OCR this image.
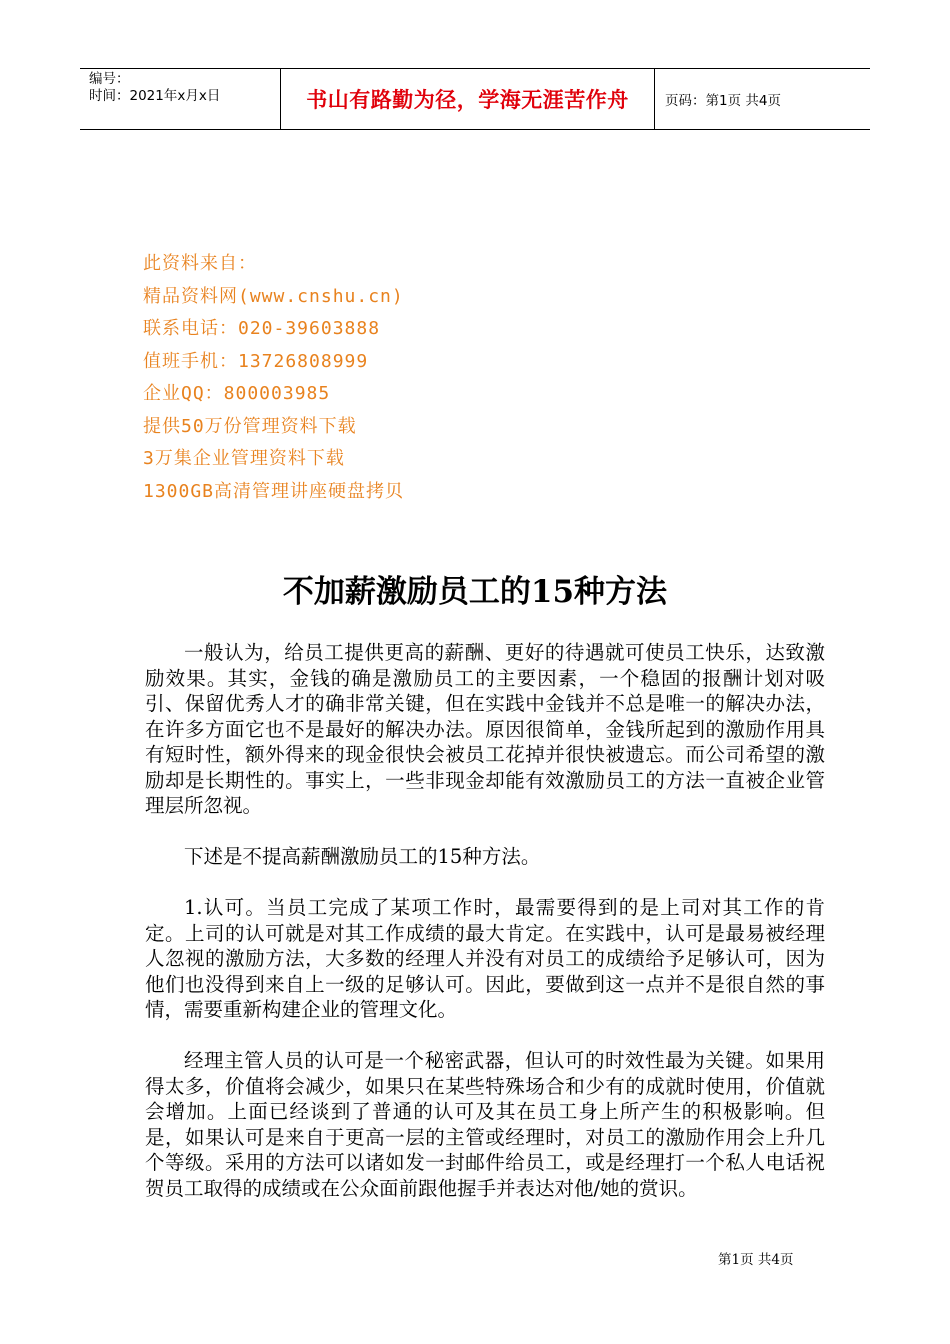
编号：
时间：2021年x月x日	书山有路勤为径，学海无涯苦作舟	页码：第1页 共4页
此资料来自：
精品资料网(www.cnshu.cn)
联系电话：020-39603888
值班手机：13726808999
企业QQ：800003985
提供50万份管理资料下载
3万集企业管理资料下载
1300GB高清管理讲座硬盘拷贝
不加薪激励员工的15种方法

一般认为，给员工提供更高的薪酬、更好的待遇就可使员工快乐，达致激励效果。其实，金钱的确是激励员工的主要因素，一个稳固的报酬计划对吸引、保留优秀人才的确非常关键，但在实践中金钱并不总是唯一的解决办法，在许多方面它也不是最好的解决办法。原因很简单，金钱所起到的激励作用具有短时性，额外得来的现金很快会被员工花掉并很快被遗忘。而公司希望的激励却是长期性的。事实上，一些非现金却能有效激励员工的方法一直被企业管理层所忽视。

下述是不提高薪酬激励员工的15种方法。

1.认可。当员工完成了某项工作时，最需要得到的是上司对其工作的肯定。上司的认可就是对其工作成绩的最大肯定。在实践中，认可是最易被经理人忽视的激励方法，大多数的经理人并没有对员工的成绩给予足够认可，因为他们也没得到来自上一级的足够认可。因此，要做到这一点并不是很自然的事情，需要重新构建企业的管理文化。

经理主管人员的认可是一个秘密武器，但认可的时效性最为关键。如果用得太多，价值将会减少，如果只在某些特殊场合和少有的成就时使用，价值就会增加。上面已经谈到了普通的认可及其在员工身上所产生的积极影响。但是，如果认可是来自于更高一层的主管或经理时，对员工的激励作用会上升几个等级。采用的方法可以诸如发一封邮件给员工，或是经理打一个私人电话祝贺员工取得的成绩或在公众面前跟他握手并表达对他/她的赏识。

第1页 共4页
